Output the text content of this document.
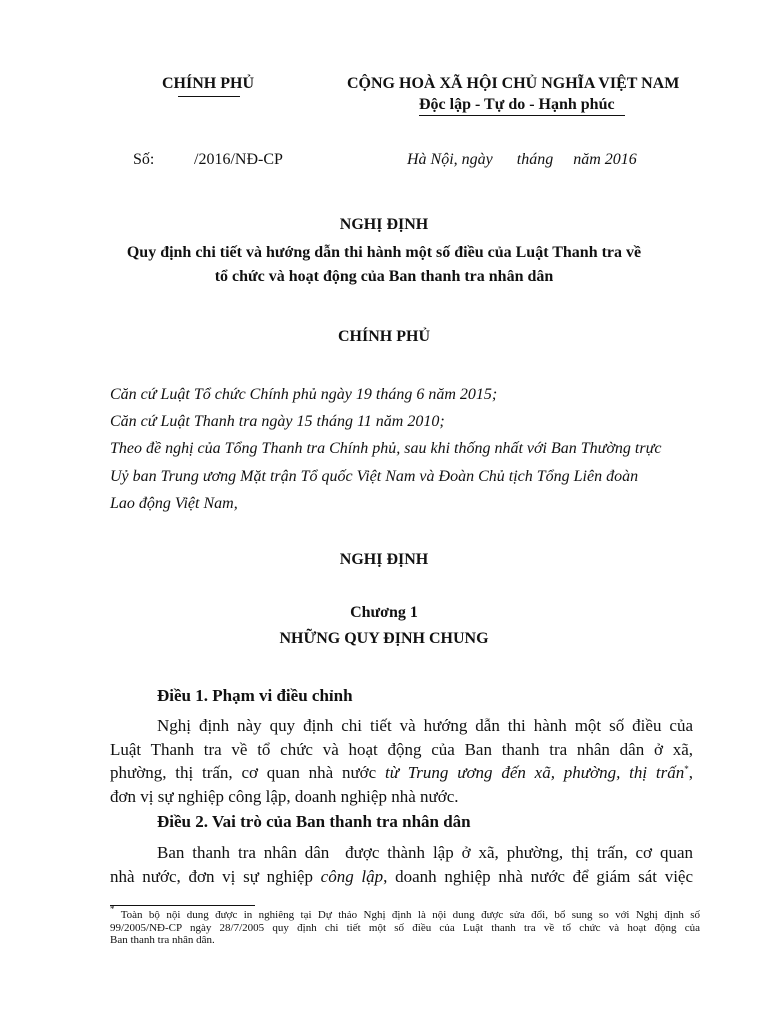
CHÍNH PHỦ	CỘNG HOÀ XÃ HỘI CHỦ NGHĨA VIỆT NAM
Độc lập - Tự do - Hạnh phúc
Số: /2016/NĐ-CP	Hà Nội, ngày      tháng     năm 2016
NGHỊ ĐỊNH
Quy định chi tiết và hướng dẫn thi hành một số điều của Luật Thanh tra về
tổ chức và hoạt động của Ban thanh tra nhân dân
CHÍNH PHỦ
Căn cứ Luật Tổ chức Chính phủ ngày 19 tháng 6 năm 2015;
Căn cứ Luật Thanh tra ngày 15 tháng 11 năm 2010;
Theo đề nghị của Tổng Thanh tra Chính phủ, sau khi thống nhất với Ban Thường trực
Uỷ ban Trung ương Mặt trận Tổ quốc Việt Nam và Đoàn Chủ tịch Tổng Liên đoàn
Lao động Việt Nam,
NGHỊ ĐỊNH
Chương 1
NHỮNG QUY ĐỊNH CHUNG
Điều 1. Phạm vi điều chỉnh
Nghị định này quy định chi tiết và hướng dẫn thi hành một số điều của
Luật Thanh tra về tổ chức và hoạt động của Ban thanh tra nhân dân ở xã,
phường, thị trấn, cơ quan nhà nước từ Trung ương đến xã, phường, thị trấn*,
đơn vị sự nghiệp công lập, doanh nghiệp nhà nước.
Điều 2. Vai trò của Ban thanh tra nhân dân
Ban thanh tra nhân dân  được thành lập ở xã, phường, thị trấn, cơ quan
nhà nước, đơn vị sự nghiệp công lập, doanh nghiệp nhà nước để giám sát việc
* Toàn bộ nội dung được in nghiêng tại Dự thảo Nghị định là nội dung được sửa đổi, bổ sung so với Nghị định số
99/2005/NĐ-CP ngày 28/7/2005 quy định chi tiết một số điều của Luật thanh tra về tổ chức và hoạt động của
Ban thanh tra nhân dân.
